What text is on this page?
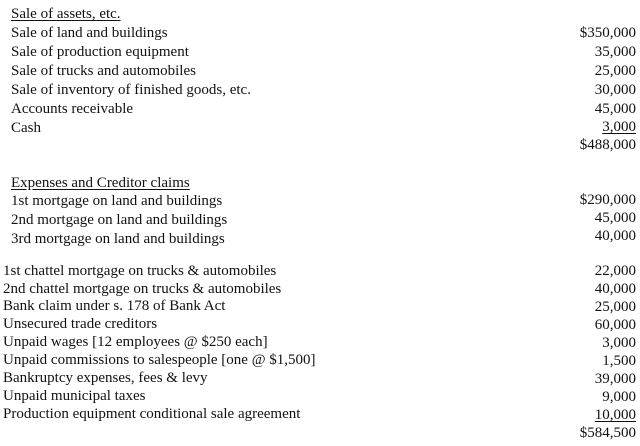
Sale of assets, etc.
Sale of land and buildings	$350,000
Sale of production equipment	35,000
Sale of trucks and automobiles	25,000
Sale of inventory of finished goods, etc.	30,000
Accounts receivable	45,000
Cash	3,000
$488,000
Expenses and Creditor claims
1st mortgage on land and buildings	$290,000
2nd mortgage on land and buildings	45,000
3rd mortgage on land and buildings	40,000
1st chattel mortgage on trucks & automobiles	22,000
2nd chattel mortgage on trucks & automobiles	40,000
Bank claim under s. 178 of Bank Act	25,000
Unsecured trade creditors	60,000
Unpaid wages [12 employees @ $250 each]	3,000
Unpaid commissions to salespeople [one @ $1,500]	1,500
Bankruptcy expenses, fees & levy	39,000
Unpaid municipal taxes	9,000
Production equipment conditional sale agreement	10,000
$584,500
